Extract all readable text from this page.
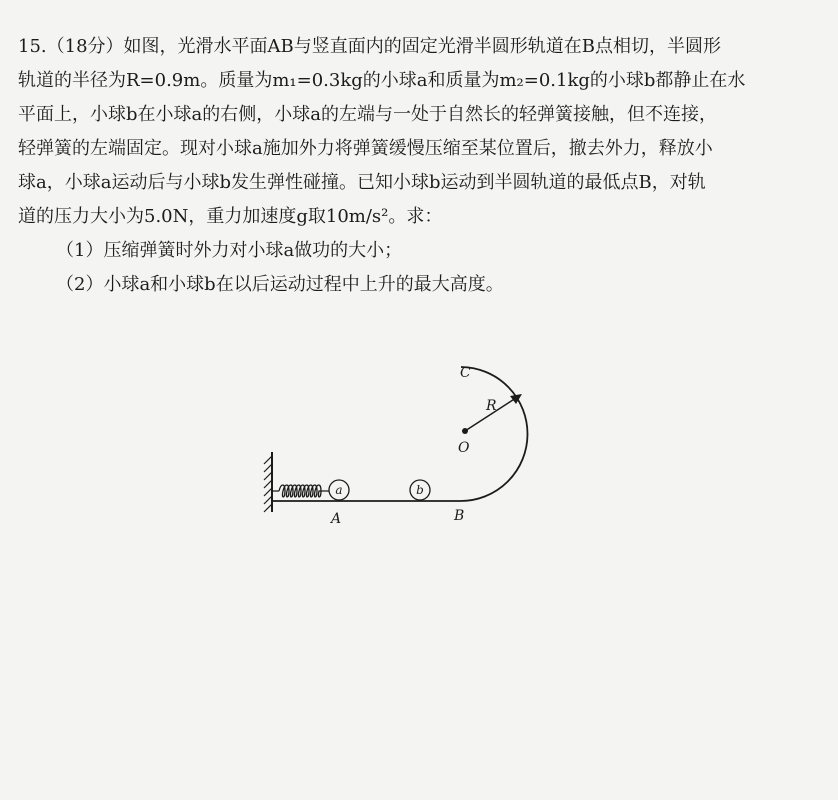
15.（18分）如图，光滑水平面AB与竖直面内的固定光滑半圆形轨道在B点相切，半圆形
轨道的半径为R=0.9m。质量为m₁=0.3kg的小球a和质量为m₂=0.1kg的小球b都静止在水
平面上，小球b在小球a的右侧，小球a的左端与一处于自然长的轻弹簧接触，但不连接，
轻弹簧的左端固定。现对小球a施加外力将弹簧缓慢压缩至某位置后，撤去外力，释放小
球a，小球a运动后与小球b发生弹性碰撞。已知小球b运动到半圆轨道的最低点B，对轨
道的压力大小为5.0N，重力加速度g取10m/s²。求：
（1）压缩弹簧时外力对小球a做功的大小；
（2）小球a和小球b在以后运动过程中上升的最大高度。
a	b
C
R
O
A	B
